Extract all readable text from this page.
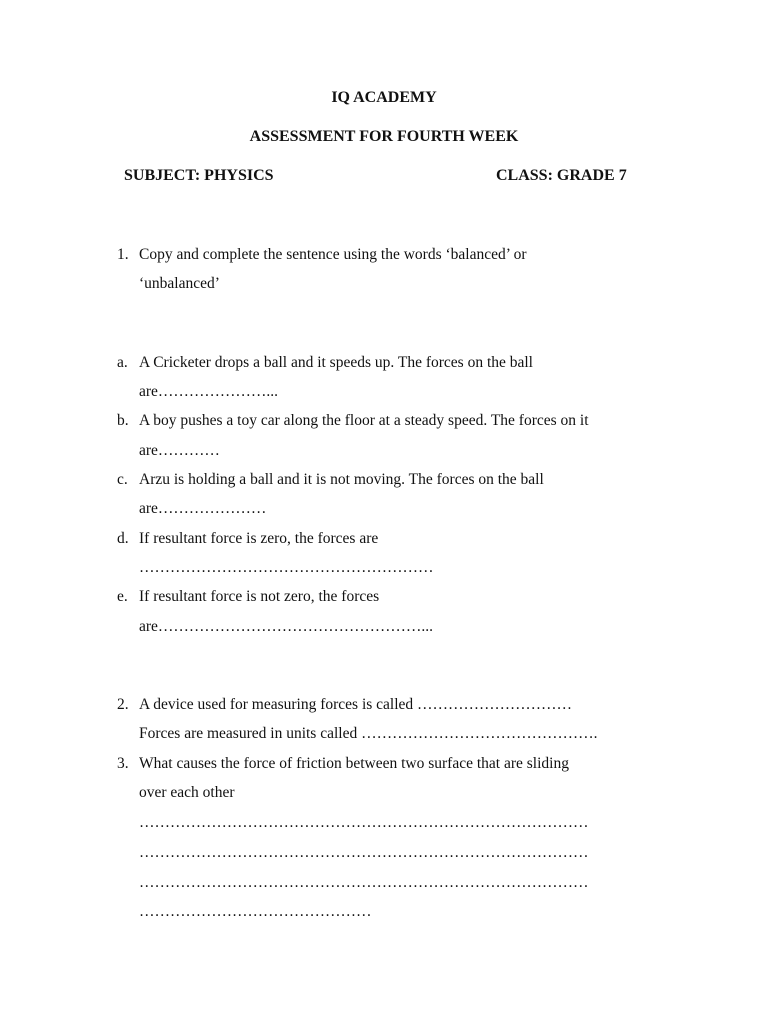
IQ ACADEMY
ASSESSMENT FOR FOURTH WEEK
SUBJECT: PHYSICS	CLASS: GRADE 7
1. Copy and complete the sentence using the words ‘balanced’ or
‘unbalanced’
a. A Cricketer drops a ball and it speeds up. The forces on the ball
are…………………...
b. A boy pushes a toy car along the floor at a steady speed. The forces on it
are…………
c. Arzu is holding a ball and it is not moving. The forces on the ball
are…………………
d. If resultant force is zero, the forces are
…………………………………………………
e. If resultant force is not zero, the forces
are……………………………………………...
2. A device used for measuring forces is called …………………………
Forces are measured in units called ……………………………………….
3. What causes the force of friction between two surface that are sliding
over each other
……………………………………………………………………………
……………………………………………………………………………
……………………………………………………………………………
………………………………………
